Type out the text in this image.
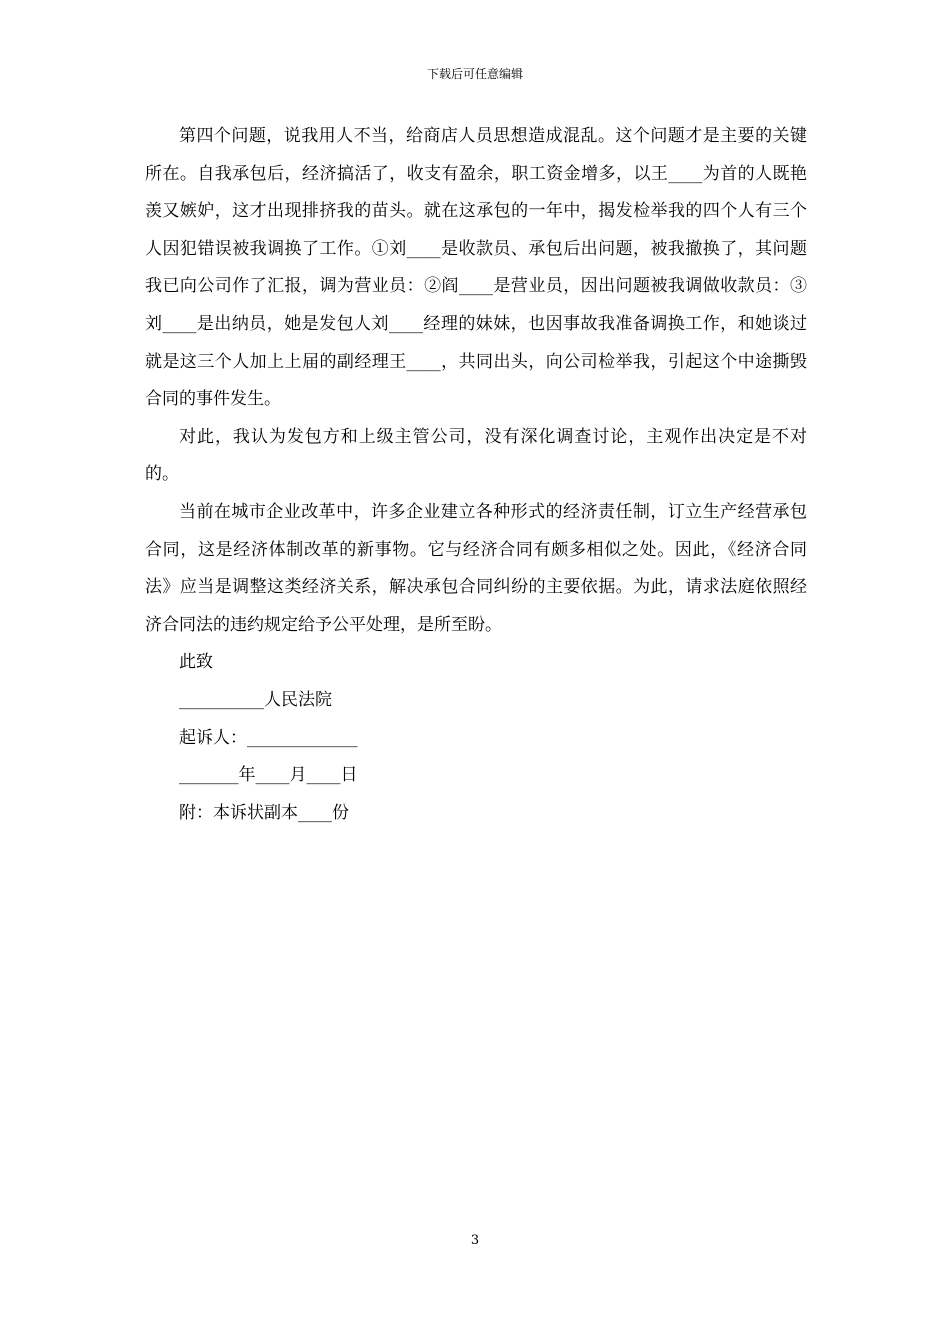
下载后可任意编辑

第四个问题，说我用人不当，给商店人员思想造成混乱。这个问题才是主要的关键所在。自我承包后，经济搞活了，收支有盈余，职工资金增多，以王____为首的人既艳羡又嫉妒，这才出现排挤我的苗头。就在这承包的一年中，揭发检举我的四个人有三个人因犯错误被我调换了工作。①刘____是收款员、承包后出问题，被我撤换了，其问题我已向公司作了汇报，调为营业员：②阎____是营业员，因出问题被我调做收款员：③刘____是出纳员，她是发包人刘____经理的妹妹，也因事故我准备调换工作，和她谈过就是这三个人加上上届的副经理王____，共同出头，向公司检举我，引起这个中途撕毁合同的事件发生。

对此，我认为发包方和上级主管公司，没有深化调查讨论，主观作出决定是不对的。

当前在城市企业改革中，许多企业建立各种形式的经济责任制，订立生产经营承包合同，这是经济体制改革的新事物。它与经济合同有颇多相似之处。因此，《经济合同法》应当是调整这类经济关系，解决承包合同纠纷的主要依据。为此，请求法庭依照经济合同法的违约规定给予公平处理，是所至盼。

此致

__________人民法院

起诉人：_____________

_______年____月____日

附：本诉状副本____份

3
